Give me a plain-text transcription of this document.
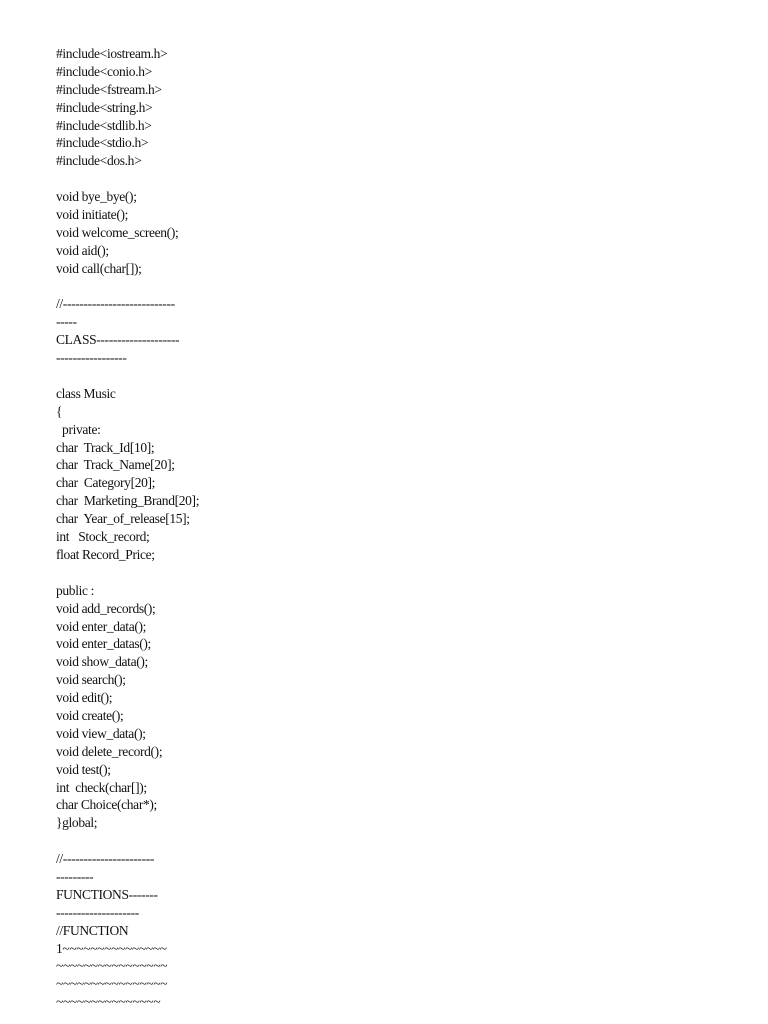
#include<iostream.h>
#include<conio.h>
#include<fstream.h>
#include<string.h>
#include<stdlib.h>
#include<stdio.h>
#include<dos.h>
void bye_bye();
void initiate();
void welcome_screen();
void aid();
void call(char[]);
//---------------------------
-----
CLASS--------------------
-----------------
class Music
{
private:
char  Track_Id[10];
char  Track_Name[20];
char  Category[20];
char  Marketing_Brand[20];
char  Year_of_release[15];
int   Stock_record;
float Record_Price;
public :
void add_records();
void enter_data();
void enter_datas();
void show_data();
void search();
void edit();
void create();
void view_data();
void delete_record();
void test();
int  check(char[]);
char Choice(char*);
}global;
//----------------------
---------
FUNCTIONS-------
--------------------
//FUNCTION
1~~~~~~~~~~~~~~~
~~~~~~~~~~~~~~~~
~~~~~~~~~~~~~~~~
~~~~~~~~~~~~~~~
